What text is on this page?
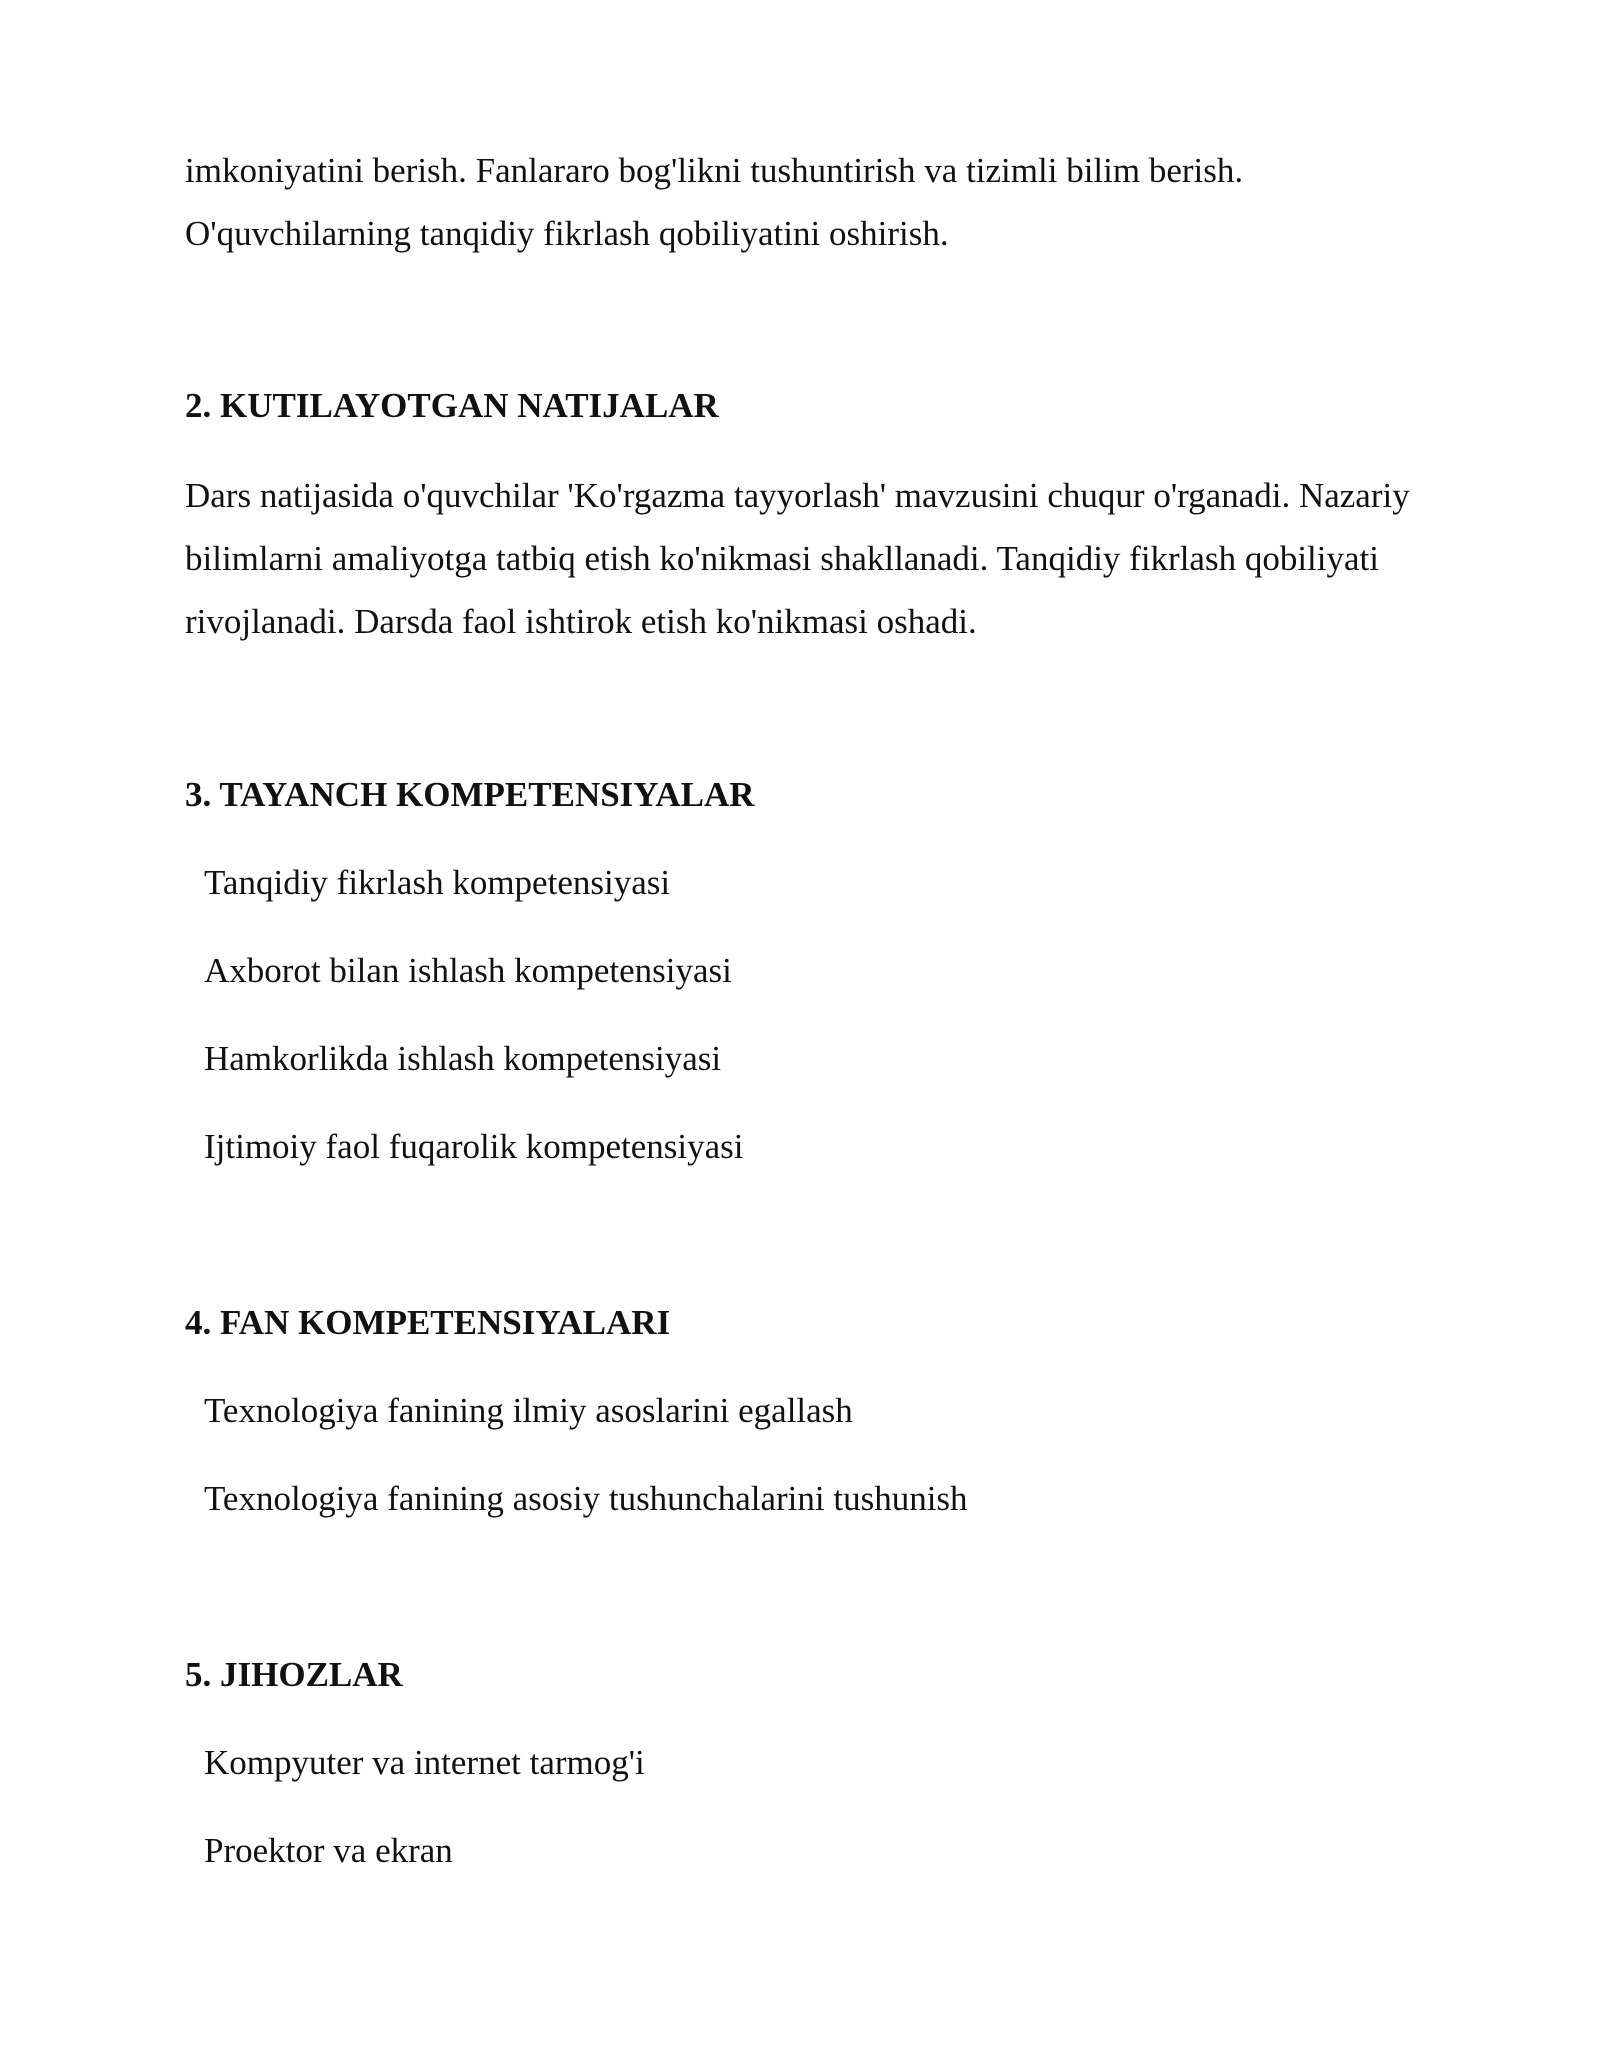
imkoniyatini berish. Fanlararo bog'likni tushuntirish va tizimli bilim berish. O'quvchilarning tanqidiy fikrlash qobiliyatini oshirish.

2. KUTILAYOTGAN NATIJALAR

Dars natijasida o'quvchilar 'Ko'rgazma tayyorlash' mavzusini chuqur o'rganadi. Nazariy bilimlarni amaliyotga tatbiq etish ko'nikmasi shakllanadi. Tanqidiy fikrlash qobiliyati rivojlanadi. Darsda faol ishtirok etish ko'nikmasi oshadi.

3. TAYANCH KOMPETENSIYALAR

Tanqidiy fikrlash kompetensiyasi

Axborot bilan ishlash kompetensiyasi

Hamkorlikda ishlash kompetensiyasi

Ijtimoiy faol fuqarolik kompetensiyasi

4. FAN KOMPETENSIYALARI

Texnologiya fanining ilmiy asoslarini egallash

Texnologiya fanining asosiy tushunchalarini tushunish

5. JIHOZLAR

Kompyuter va internet tarmog'i

Proektor va ekran
